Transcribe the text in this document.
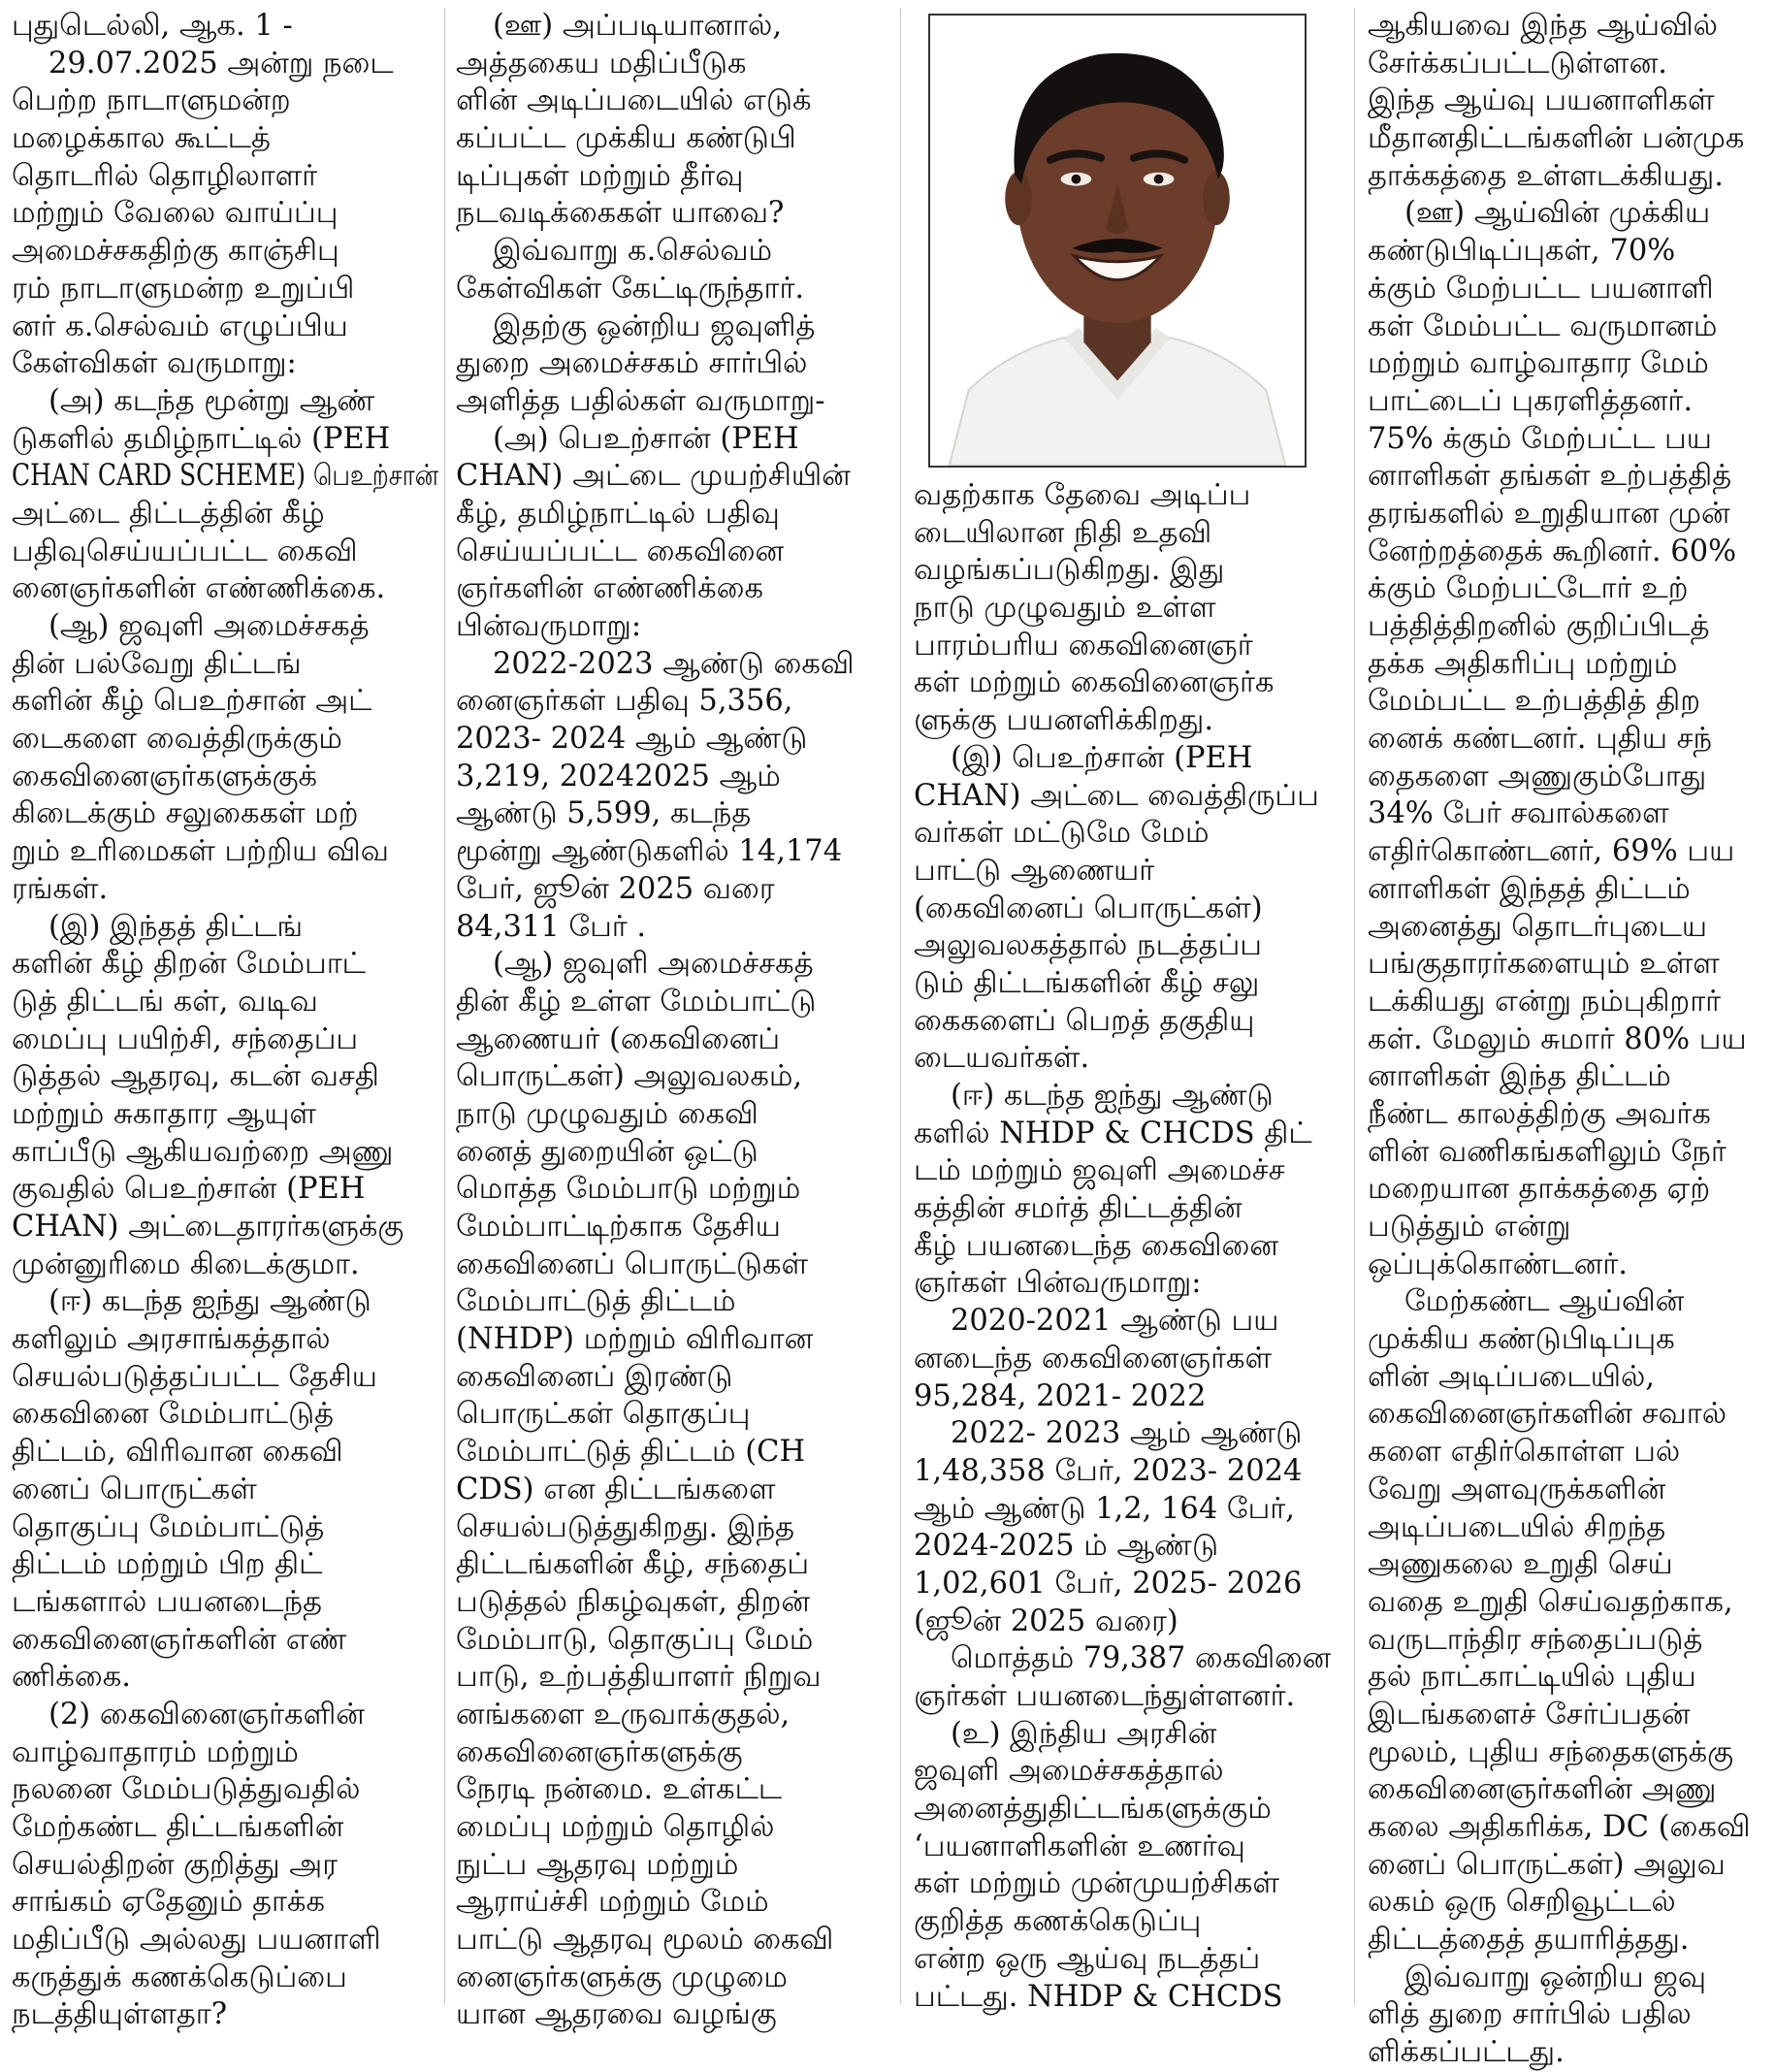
புதுடெல்லி, ஆக. 1 -
29.07.2025 அன்று நடை
பெற்ற நாடாளுமன்ற
மழைக்கால கூட்டத்
தொடரில் தொழிலாளர்
மற்றும் வேலை வாய்ப்பு
அமைச்சகதிற்கு காஞ்சிபு
ரம் நாடாளுமன்ற உறுப்பி
னர் க.செல்வம் எழுப்பிய
கேள்விகள் வருமாறு:
(அ) கடந்த மூன்று ஆண்
டுகளில் தமிழ்நாட்டில் (PEH
CHAN CARD SCHEME) பெஉற்சான்
அட்டை திட்டத்தின் கீழ்
பதிவுசெய்யப்பட்ட கைவி
னைஞர்களின் எண்ணிக்கை.
(ஆ) ஜவுளி அமைச்சகத்
தின் பல்வேறு திட்டங்
களின் கீழ் பெஉற்சான் அட்
டைகளை வைத்திருக்கும்
கைவினைஞர்களுக்குக்
கிடைக்கும் சலுகைகள் மற்
றும் உரிமைகள் பற்றிய விவ
ரங்கள்.
(இ) இந்தத் திட்டங்
களின் கீழ் திறன் மேம்பாட்
டுத் திட்டங் கள், வடிவ
மைப்பு பயிற்சி, சந்தைப்ப
டுத்தல் ஆதரவு, கடன் வசதி
மற்றும் சுகாதார ஆயுள்
காப்பீடு ஆகியவற்றை அணு
குவதில் பெஉற்சான் (PEH
CHAN) அட்டைதாரர்களுக்கு
முன்னுரிமை கிடைக்குமா.
(ஈ) கடந்த ஐந்து ஆண்டு
களிலும் அரசாங்கத்தால்
செயல்படுத்தப்பட்ட தேசிய
கைவினை மேம்பாட்டுத்
திட்டம், விரிவான கைவி
னைப் பொருட்கள்
தொகுப்பு மேம்பாட்டுத்
திட்டம் மற்றும் பிற திட்
டங்களால் பயனடைந்த
கைவினைஞர்களின் எண்
ணிக்கை.
(2) கைவினைஞர்களின்
வாழ்வாதாரம் மற்றும்
நலனை மேம்படுத்துவதில்
மேற்கண்ட திட்டங்களின்
செயல்திறன் குறித்து அர
சாங்கம் ஏதேனும் தாக்க
மதிப்பீடு அல்லது பயனாளி
கருத்துக் கணக்கெடுப்பை
நடத்தியுள்ளதா?
(ஊ) அப்படியானால்,
அத்தகைய மதிப்பீடுக
ளின் அடிப்படையில் எடுக்
கப்பட்ட முக்கிய கண்டுபி
டிப்புகள் மற்றும் தீர்வு
நடவடிக்கைகள் யாவை?
இவ்வாறு க.செல்வம்
கேள்விகள் கேட்டிருந்தார்.
இதற்கு ஒன்றிய ஜவுளித்
துறை அமைச்சகம் சார்பில்
அளித்த பதில்கள் வருமாறு-
(அ) பெஉற்சான் (PEH
CHAN) அட்டை முயற்சியின்
கீழ், தமிழ்நாட்டில் பதிவு
செய்யப்பட்ட கைவினை
ஞர்களின் எண்ணிக்கை
பின்வருமாறு:
2022-2023 ஆண்டு கைவி
னைஞர்கள் பதிவு 5,356,
2023- 2024 ஆம் ஆண்டு
3,219, 20242025 ஆம்
ஆண்டு 5,599, கடந்த
மூன்று ஆண்டுகளில் 14,174
பேர், ஜூன் 2025 வரை
84,311 பேர் .
(ஆ) ஜவுளி அமைச்சகத்
தின் கீழ் உள்ள மேம்பாட்டு
ஆணையர் (கைவினைப்
பொருட்கள்) அலுவலகம்,
நாடு முழுவதும் கைவி
னைத் துறையின் ஒட்டு
மொத்த மேம்பாடு மற்றும்
மேம்பாட்டிற்காக தேசிய
கைவினைப் பொருட்டுகள்
மேம்பாட்டுத் திட்டம்
(NHDP) மற்றும் விரிவான
கைவினைப் இரண்டு
பொருட்கள் தொகுப்பு
மேம்பாட்டுத் திட்டம் (CH
CDS) என திட்டங்களை
செயல்படுத்துகிறது. இந்த
திட்டங்களின் கீழ், சந்தைப்
படுத்தல் நிகழ்வுகள், திறன்
மேம்பாடு, தொகுப்பு மேம்
பாடு, உற்பத்தியாளர் நிறுவ
னங்களை உருவாக்குதல்,
கைவினைஞர்களுக்கு
நேரடி நன்மை. உள்கட்ட
மைப்பு மற்றும் தொழில்
நுட்ப ஆதரவு மற்றும்
ஆராய்ச்சி மற்றும் மேம்
பாட்டு ஆதரவு மூலம் கைவி
னைஞர்களுக்கு முழுமை
யான ஆதரவை வழங்கு
வதற்காக தேவை அடிப்ப
டையிலான நிதி உதவி
வழங்கப்படுகிறது. இது
நாடு முழுவதும் உள்ள
பாரம்பரிய கைவினைஞர்
கள் மற்றும் கைவினைஞர்க
ளுக்கு பயனளிக்கிறது.
(இ) பெஉற்சான் (PEH
CHAN) அட்டை வைத்திருப்ப
வர்கள் மட்டுமே மேம்
பாட்டு ஆணையர்
(கைவினைப் பொருட்கள்)
அலுவலகத்தால் நடத்தப்ப
டும் திட்டங்களின் கீழ் சலு
கைகளைப் பெறத் தகுதியு
டையவர்கள்.
(ஈ) கடந்த ஐந்து ஆண்டு
களில் NHDP & CHCDS திட்
டம் மற்றும் ஜவுளி அமைச்ச
கத்தின் சமர்த் திட்டத்தின்
கீழ் பயனடைந்த கைவினை
ஞர்கள் பின்வருமாறு:
2020-2021 ஆண்டு பய
னடைந்த கைவினைஞர்கள்
95,284, 2021- 2022
2022- 2023 ஆம் ஆண்டு
1,48,358 பேர், 2023- 2024
ஆம் ஆண்டு 1,2, 164 பேர்,
2024-2025 ம் ஆண்டு
1,02,601 பேர், 2025- 2026
(ஜூன் 2025 வரை)
மொத்தம் 79,387 கைவினை
ஞர்கள் பயனடைந்துள்ளனர்.
(உ) இந்திய அரசின்
ஜவுளி அமைச்சகத்தால்
அனைத்துதிட்டங்களுக்கும்
‘பயனாளிகளின் உணர்வு
கள் மற்றும் முன்முயற்சிகள்
குறித்த கணக்கெடுப்பு
என்ற ஒரு ஆய்வு நடத்தப்
பட்டது. NHDP & CHCDS
ஆகியவை இந்த ஆய்வில்
சேர்க்கப்பட்டடுள்ளன.
இந்த ஆய்வு பயனாளிகள்
மீதானதிட்டங்களின் பன்முக
தாக்கத்தை உள்ளடக்கியது.
(ஊ) ஆய்வின் முக்கிய
கண்டுபிடிப்புகள், 70%
க்கும் மேற்பட்ட பயனாளி
கள் மேம்பட்ட வருமானம்
மற்றும் வாழ்வாதார மேம்
பாட்டைப் புகரளித்தனர்.
75% க்கும் மேற்பட்ட பய
னாளிகள் தங்கள் உற்பத்தித்
தரங்களில் உறுதியான முன்
னேற்றத்தைக் கூறினர். 60%
க்கும் மேற்பட்டோர் உற்
பத்தித்திறனில் குறிப்பிடத்
தக்க அதிகரிப்பு மற்றும்
மேம்பட்ட உற்பத்தித் திற
னைக் கண்டனர். புதிய சந்
தைகளை அணுகும்போது
34% பேர் சவால்களை
எதிர்கொண்டனர், 69% பய
னாளிகள் இந்தத் திட்டம்
அனைத்து தொடர்புடைய
பங்குதாரர்களையும் உள்ள
டக்கியது என்று நம்புகிறார்
கள். மேலும் சுமார் 80% பய
னாளிகள் இந்த திட்டம்
நீண்ட காலத்திற்கு அவர்க
ளின் வணிகங்களிலும் நேர்
மறையான தாக்கத்தை ஏற்
படுத்தும் என்று
ஒப்புக்கொண்டனர்.
மேற்கண்ட ஆய்வின்
முக்கிய கண்டுபிடிப்புக
ளின் அடிப்படையில்,
கைவினைஞர்களின் சவால்
களை எதிர்கொள்ள பல்
வேறு அளவுருக்களின்
அடிப்படையில் சிறந்த
அணுகலை உறுதி செய்
வதை உறுதி செய்வதற்காக,
வருடாந்திர சந்தைப்படுத்
தல் நாட்காட்டியில் புதிய
இடங்களைச் சேர்ப்பதன்
மூலம், புதிய சந்தைகளுக்கு
கைவினைஞர்களின் அணு
கலை அதிகரிக்க, DC (கைவி
னைப் பொருட்கள்) அலுவ
லகம் ஒரு செறிவூட்டல்
திட்டத்தைத் தயாரித்தது.
இவ்வாறு ஒன்றிய ஜவு
ளித் துறை சார்பில் பதில
ளிக்கப்பட்டது.
